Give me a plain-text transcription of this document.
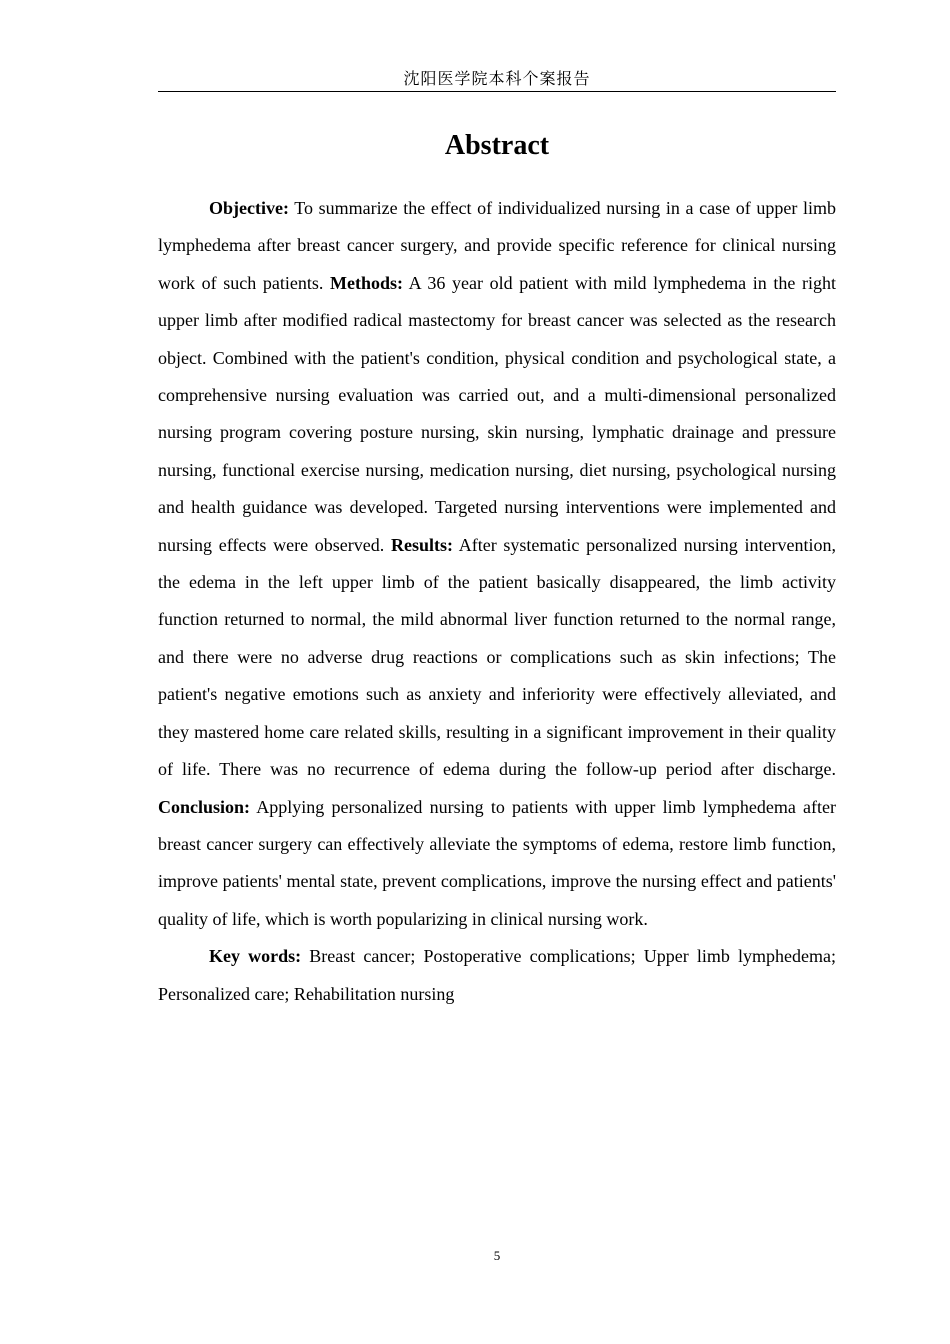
沈阳医学院本科个案报告
Abstract

Objective: To summarize the effect of individualized nursing in a case of upper limb lymphedema after breast cancer surgery, and provide specific reference for clinical nursing work of such patients. Methods: A 36 year old patient with mild lymphedema in the right upper limb after modified radical mastectomy for breast cancer was selected as the research object. Combined with the patient's condition, physical condition and psychological state, a comprehensive nursing evaluation was carried out, and a multi-dimensional personalized nursing program covering posture nursing, skin nursing, lymphatic drainage and pressure nursing, functional exercise nursing, medication nursing, diet nursing, psychological nursing and health guidance was developed. Targeted nursing interventions were implemented and nursing effects were observed. Results: After systematic personalized nursing intervention, the edema in the left upper limb of the patient basically disappeared, the limb activity function returned to normal, the mild abnormal liver function returned to the normal range, and there were no adverse drug reactions or complications such as skin infections; The patient's negative emotions such as anxiety and inferiority were effectively alleviated, and they mastered home care related skills, resulting in a significant improvement in their quality of life. There was no recurrence of edema during the follow-up period after discharge. Conclusion: Applying personalized nursing to patients with upper limb lymphedema after breast cancer surgery can effectively alleviate the symptoms of edema, restore limb function, improve patients' mental state, prevent complications, improve the nursing effect and patients' quality of life, which is worth popularizing in clinical nursing work.

Key words: Breast cancer; Postoperative complications; Upper limb lymphedema; Personalized care; Rehabilitation nursing

5
